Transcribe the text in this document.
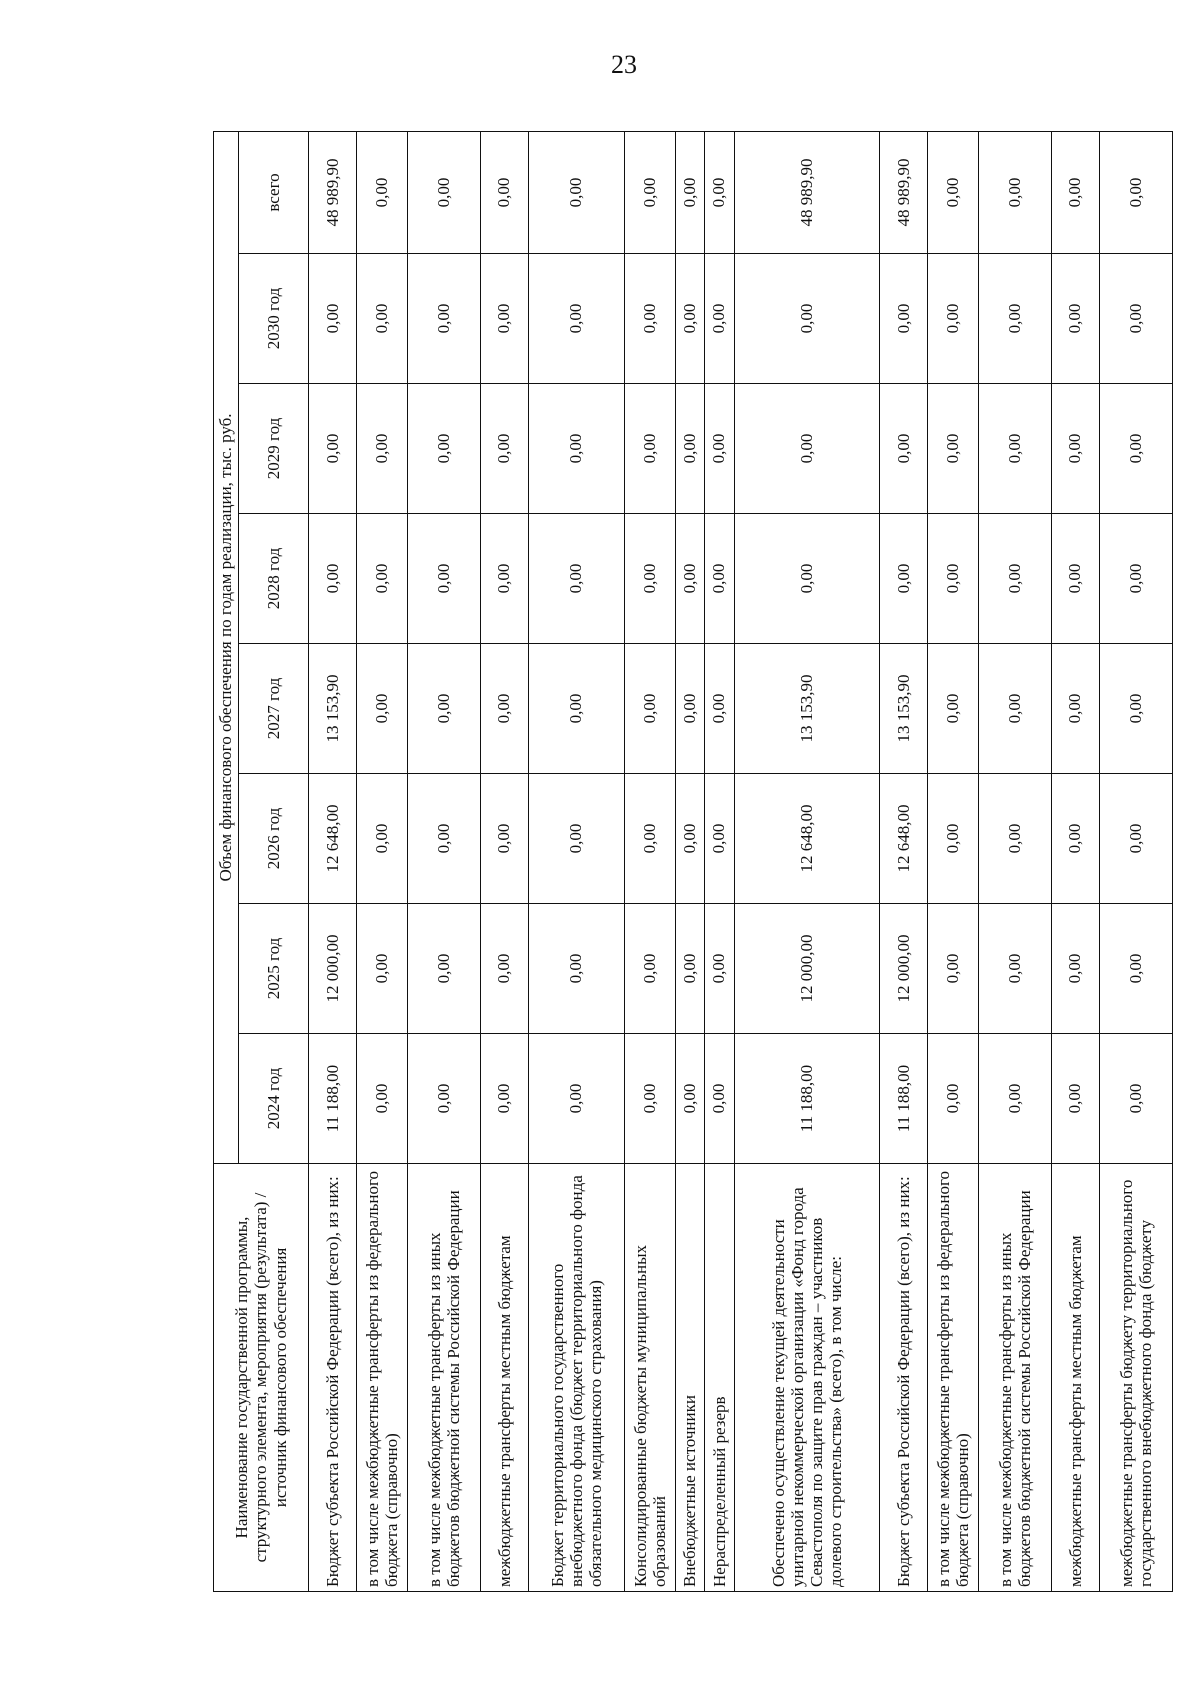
23
Наименование государственной программы, структурного элемента, мероприятия (результата) / источник финансового обеспечения	Объем финансового обеспечения по годам реализации, тыс. руб.							
	2024 год	2025 год	2026 год	2027 год	2028 год	2029 год	2030 год	всего
Бюджет субъекта Российской Федерации (всего), из них:	11 188,00	12 000,00	12 648,00	13 153,90	0,00	0,00	0,00	48 989,90
в том числе межбюджетные трансферты из федерального бюджета (справочно)	0,00	0,00	0,00	0,00	0,00	0,00	0,00	0,00
в том числе межбюджетные трансферты из иных бюджетов бюджетной системы Российской Федерации	0,00	0,00	0,00	0,00	0,00	0,00	0,00	0,00
межбюджетные трансферты местным бюджетам	0,00	0,00	0,00	0,00	0,00	0,00	0,00	0,00
Бюджет территориального государственного внебюджетного фонда (бюджет территориального фонда обязательного медицинского страхования)	0,00	0,00	0,00	0,00	0,00	0,00	0,00	0,00
Консолидированные бюджеты муниципальных образований	0,00	0,00	0,00	0,00	0,00	0,00	0,00	0,00
Внебюджетные источники	0,00	0,00	0,00	0,00	0,00	0,00	0,00	0,00
Нераспределенный резерв	0,00	0,00	0,00	0,00	0,00	0,00	0,00	0,00
Обеспечено осуществление текущей деятельности унитарной некоммерческой организации «Фонд города Севастополя по защите прав граждан – участников долевого строительства» (всего), в том числе:	11 188,00	12 000,00	12 648,00	13 153,90	0,00	0,00	0,00	48 989,90
Бюджет субъекта Российской Федерации (всего), из них:	11 188,00	12 000,00	12 648,00	13 153,90	0,00	0,00	0,00	48 989,90
в том числе межбюджетные трансферты из федерального бюджета (справочно)	0,00	0,00	0,00	0,00	0,00	0,00	0,00	0,00
в том числе межбюджетные трансферты из иных бюджетов бюджетной системы Российской Федерации	0,00	0,00	0,00	0,00	0,00	0,00	0,00	0,00
межбюджетные трансферты местным бюджетам	0,00	0,00	0,00	0,00	0,00	0,00	0,00	0,00
межбюджетные трансферты бюджету территориального государственного внебюджетного фонда (бюджету	0,00	0,00	0,00	0,00	0,00	0,00	0,00	0,00
